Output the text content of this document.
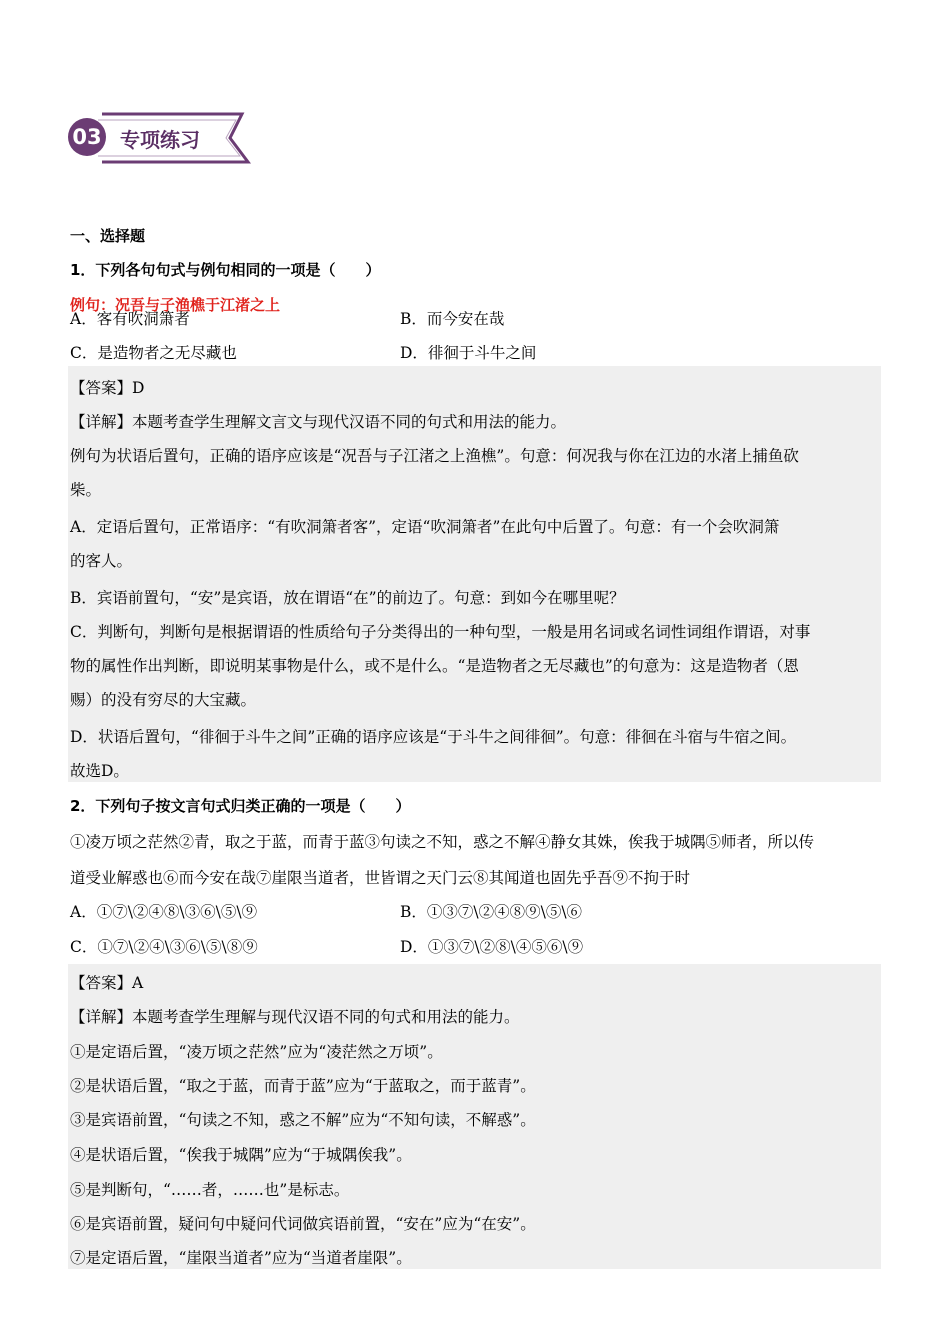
03 专项练习
一、选择题
1．下列各句句式与例句相同的一项是（　　）
例句：况吾与子渔樵于江渚之上
A．客有吹洞箫者	B．而今安在哉
C．是造物者之无尽藏也	D．徘徊于斗牛之间
【答案】D
【详解】本题考查学生理解文言文与现代汉语不同的句式和用法的能力。
例句为状语后置句，正确的语序应该是“况吾与子江渚之上渔樵”。句意：何况我与你在江边的水渚上捕鱼砍
柴。
A．定语后置句，正常语序：“有吹洞箫者客”，定语“吹洞箫者”在此句中后置了。句意：有一个会吹洞箫
的客人。
B．宾语前置句，“安”是宾语，放在谓语“在”的前边了。句意：到如今在哪里呢？
C．判断句，判断句是根据谓语的性质给句子分类得出的一种句型，一般是用名词或名词性词组作谓语，对事
物的属性作出判断，即说明某事物是什么，或不是什么。“是造物者之无尽藏也”的句意为：这是造物者（恩
赐）的没有穷尽的大宝藏。
D．状语后置句，“徘徊于斗牛之间”正确的语序应该是“于斗牛之间徘徊”。句意：徘徊在斗宿与牛宿之间。
故选D。
2．下列句子按文言句式归类正确的一项是（　　）
①凌万顷之茫然②青，取之于蓝，而青于蓝③句读之不知，惑之不解④静女其姝，俟我于城隅⑤师者，所以传
道受业解惑也⑥而今安在哉⑦崖限当道者，世皆谓之天门云⑧其闻道也固先乎吾⑨不拘于时
A．①⑦\②④⑧\③⑥\⑤\⑨	B．①③⑦\②④⑧⑨\⑤\⑥
C．①⑦\②④\③⑥\⑤\⑧⑨	D．①③⑦\②⑧\④⑤⑥\⑨
【答案】A
【详解】本题考查学生理解与现代汉语不同的句式和用法的能力。
①是定语后置，“凌万顷之茫然”应为“凌茫然之万顷”。
②是状语后置，“取之于蓝，而青于蓝”应为“于蓝取之，而于蓝青”。
③是宾语前置，“句读之不知，惑之不解”应为“不知句读，不解惑”。
④是状语后置，“俟我于城隅”应为“于城隅俟我”。
⑤是判断句，“……者，……也”是标志。
⑥是宾语前置，疑问句中疑问代词做宾语前置，“安在”应为“在安”。
⑦是定语后置，“崖限当道者”应为“当道者崖限”。
